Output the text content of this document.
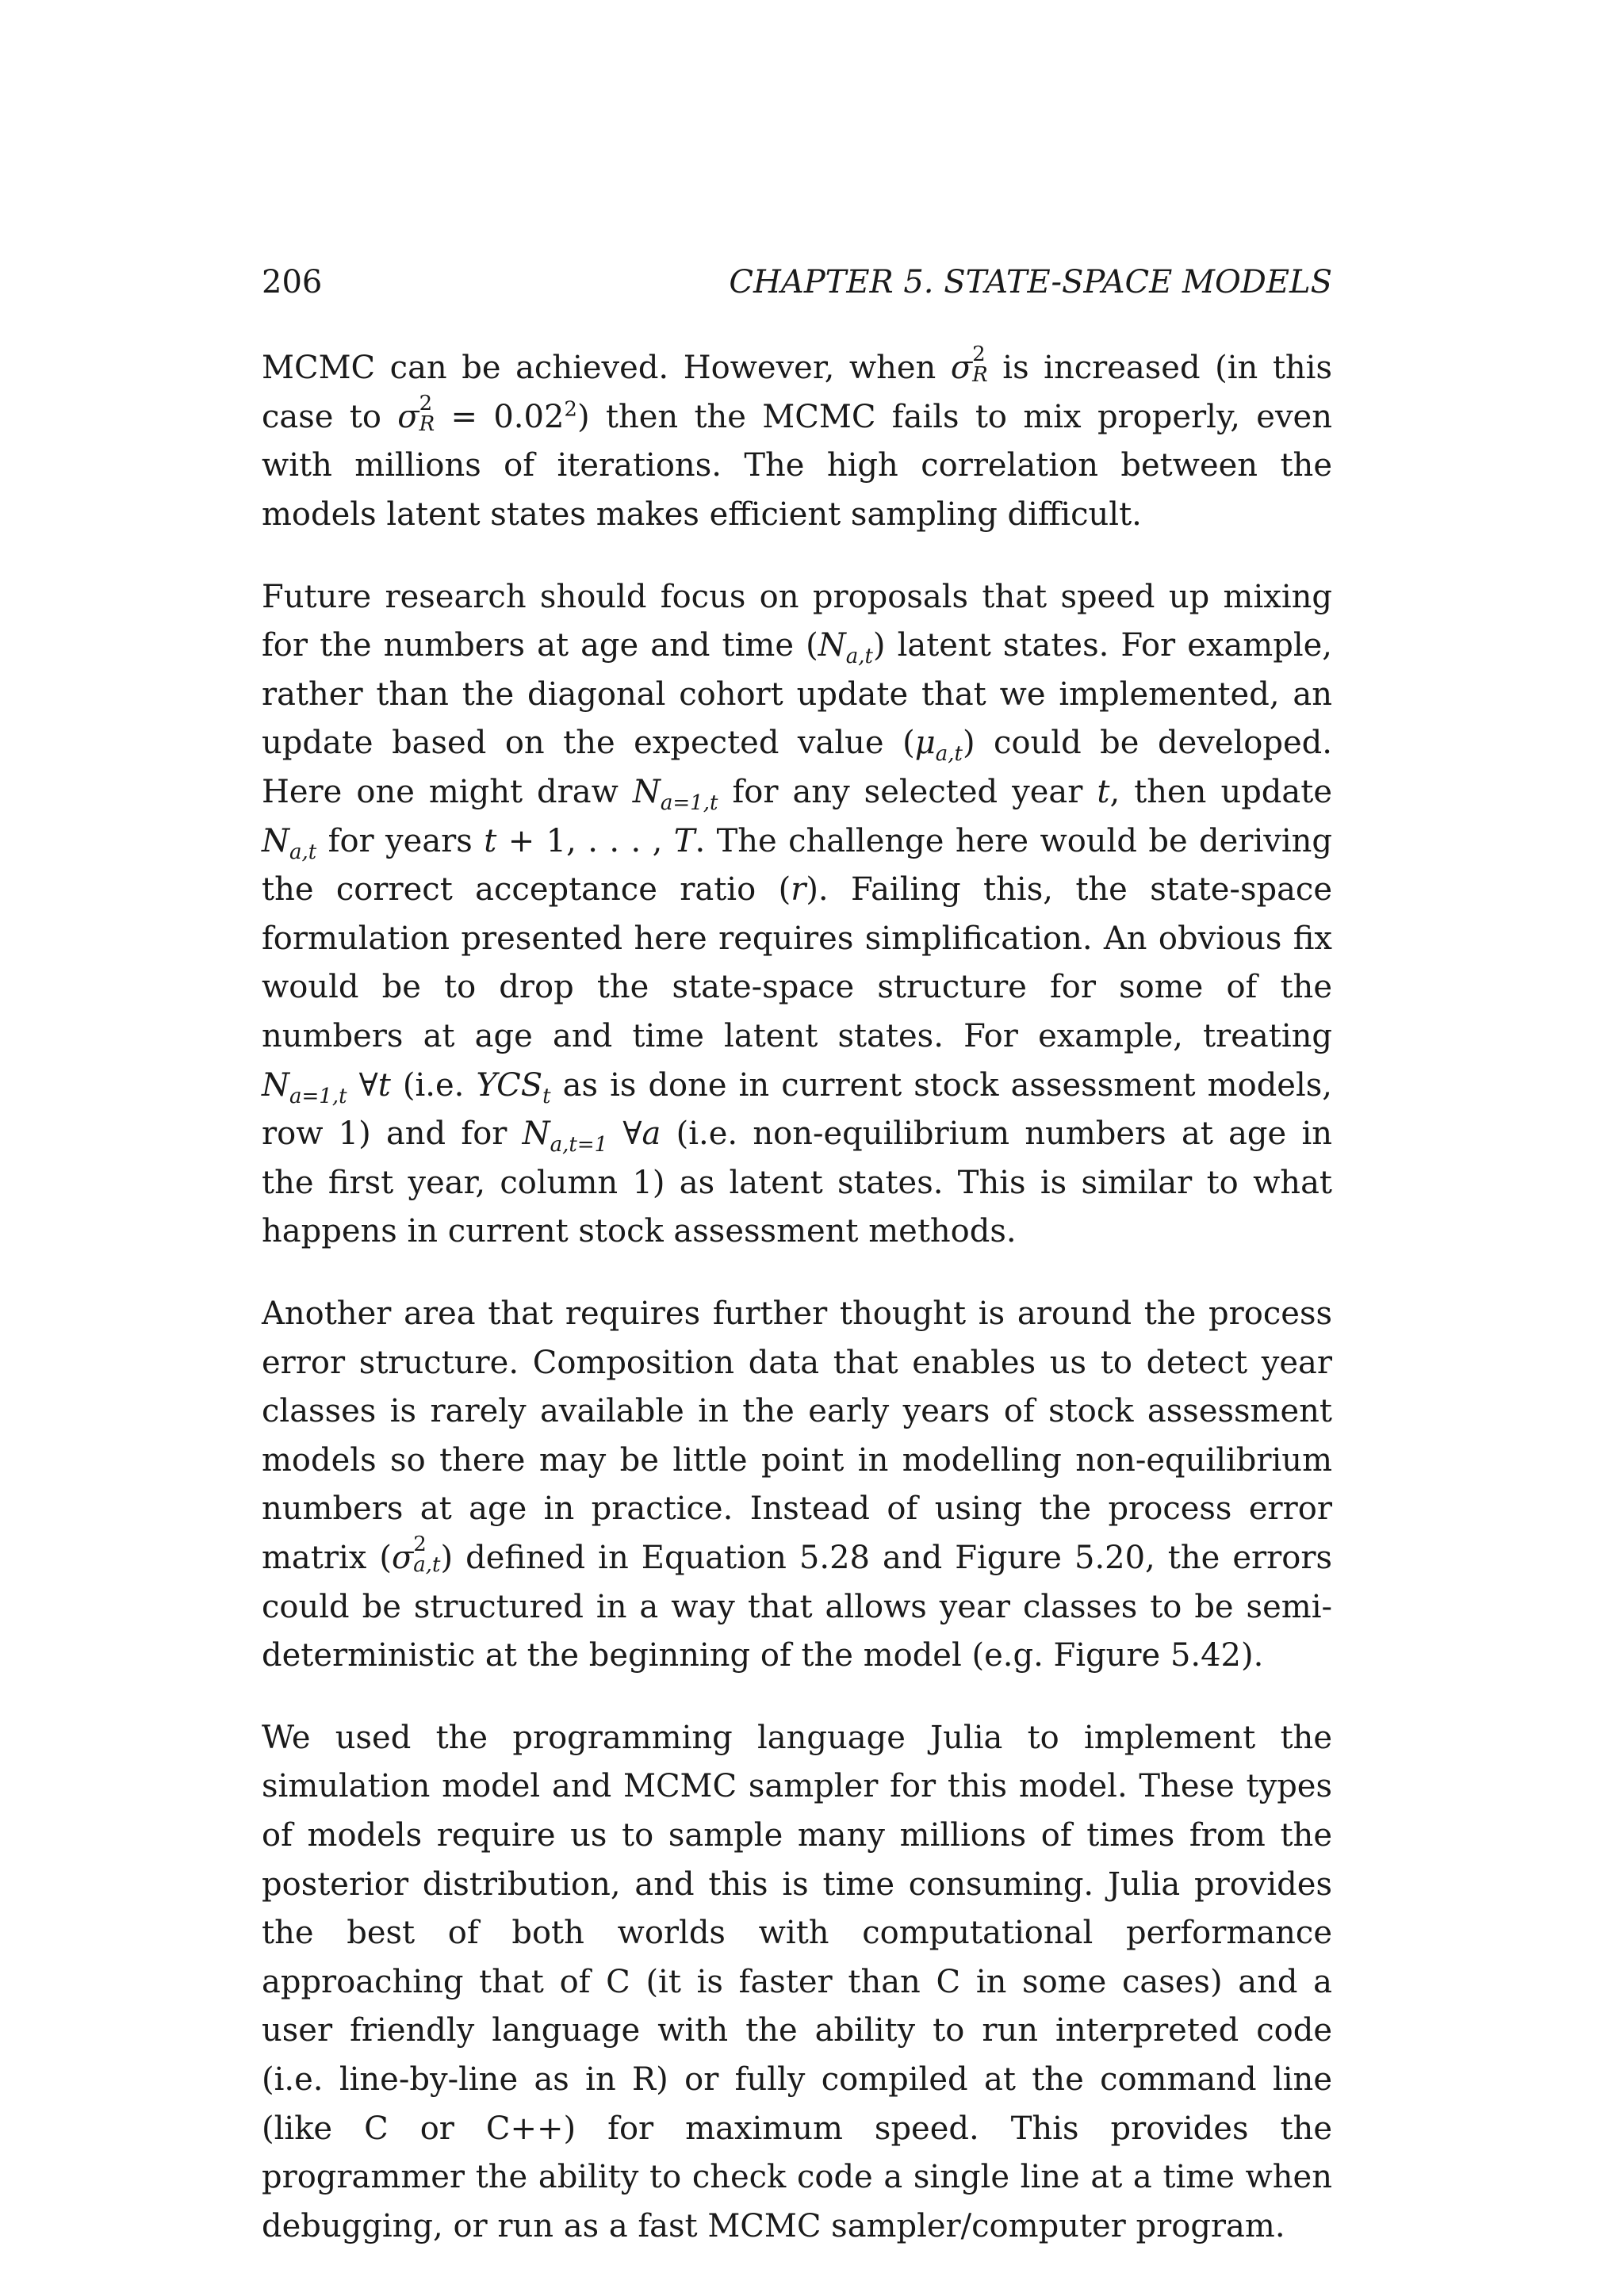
206	CHAPTER 5. STATE-SPACE MODELS

MCMC can be achieved. However, when σ 2
R is increased (in this case to σ 2
$R = 0.02^2$) then the MCMC fails to mix properly, even with millions of iterations. The high correlation between the models latent states makes efficient sampling difficult.

Future research should focus on proposals that speed up mixing for the numbers at age and time $(N_{a,t})$ latent states. For example, rather than the diagonal cohort update that we implemented, an update based on the expected value $(\mu_{a,t})$ could be developed. Here one might draw $N_{a=1,t}$ for any selected year t, then update $N_{a,t}$ for years t + 1, . . . , T. The challenge here would be deriving the correct acceptance ratio (r). Failing this, the state-space formulation presented here requires simplification. An obvious fix would be to drop the state-space structure for some of the numbers at age and time latent states. For example, treating $N_{a=1,t}$ ∀t (i.e. $YCS_t$ as is done in current stock assessment models, row 1) and for $N_{a,t=1}$ ∀a (i.e. non-equilibrium numbers at age in the first year, column 1) as latent states. This is similar to what happens in current stock assessment methods.

Another area that requires further thought is around the process error structure. Composition data that enables us to detect year classes is rarely available in the early years of stock assessment models so there may be little point in modelling non-equilibrium numbers at age in practice. Instead of using the process error matrix (σ 2
a,t ) defined in Equation 5.28 and Figure 5.20, the errors could be structured in a way that allows year classes to be semi-deterministic at the beginning of the model (e.g. Figure 5.42).

We used the programming language Julia to implement the simulation model and MCMC sampler for this model. These types of models require us to sample many millions of times from the posterior distribution, and this is time consuming. Julia provides the best of both worlds with computational performance approaching that of C (it is faster than C in some cases) and a user friendly language with the ability to run interpreted code (i.e. line-by-line as in R) or fully compiled at the command line (like C or C++) for maximum speed. This provides the programmer the ability to check code a single line at a time when debugging, or run as a fast MCMC sampler/computer program.
